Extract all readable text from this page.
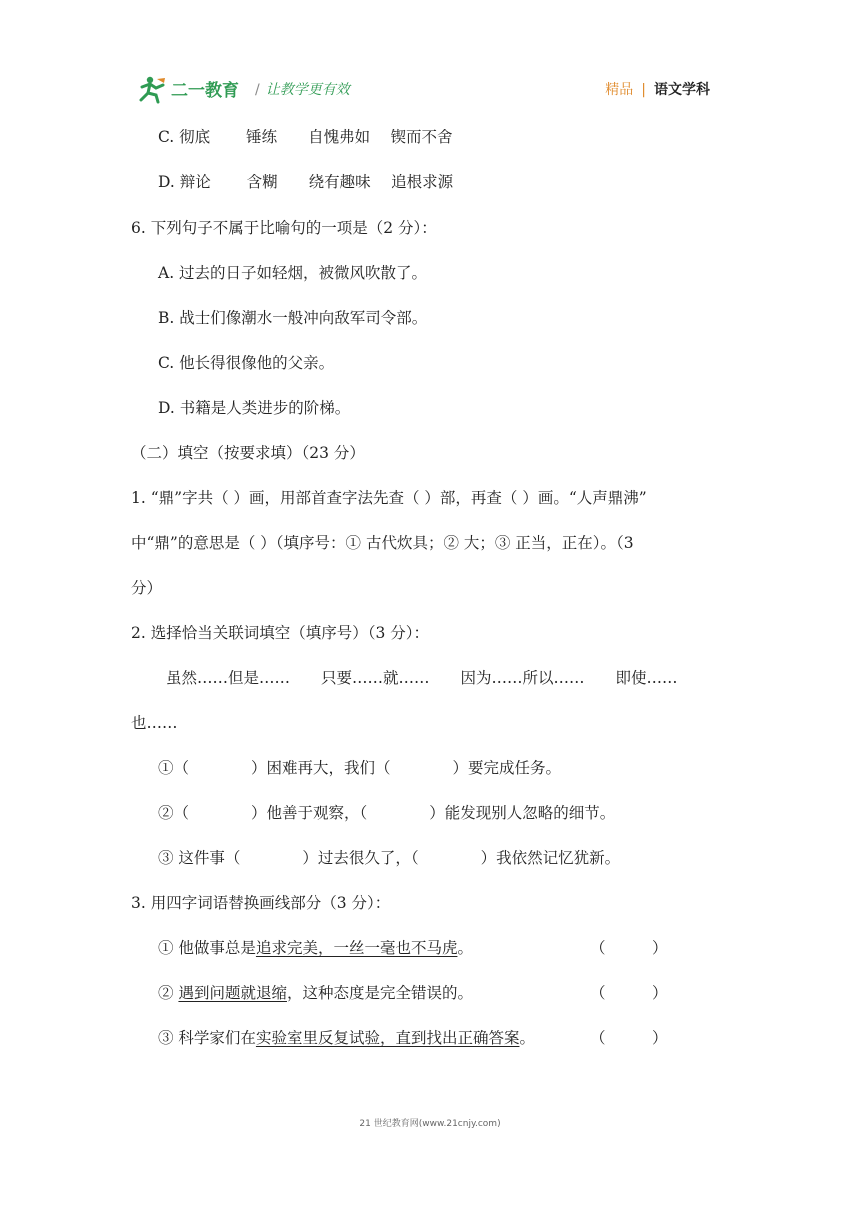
二一教育 / 让教学更有效	精品 | 语文学科
C. 彻底　　 锤练　　自愧弗如　 锲而不舍
D. 辩论　　 含糊　　绕有趣味　 追根求源
6. 下列句子不属于比喻句的一项是（2 分）：
A. 过去的日子如轻烟，被微风吹散了。
B. 战士们像潮水一般冲向敌军司令部。
C. 他长得很像他的父亲。
D. 书籍是人类进步的阶梯。
（二）填空（按要求填）（23 分）
1. “鼎”字共（ ）画，用部首查字法先查（ ）部，再查（ ）画。“人声鼎沸”
中“鼎”的意思是（ ）（填序号：① 古代炊具；② 大；③ 正当，正在）。（3
分）
2. 选择恰当关联词填空（填序号）（3 分）：
虽然……但是……　　只要……就……　　因为……所以……　　即使……
也……
①（　　　　）困难再大，我们（　　　　）要完成任务。
②（　　　　）他善于观察，（　　　　）能发现别人忽略的细节。
③ 这件事（　　　　）过去很久了，（　　　　）我依然记忆犹新。
3. 用四字词语替换画线部分（3 分）：
① 他做事总是追求完美，一丝一毫也不马虎。	（　　　）
② 遇到问题就退缩，这种态度是完全错误的。	（　　　）
③ 科学家们在实验室里反复试验，直到找出正确答案。	（　　　）
21 世纪教育网(www.21cnjy.com)
